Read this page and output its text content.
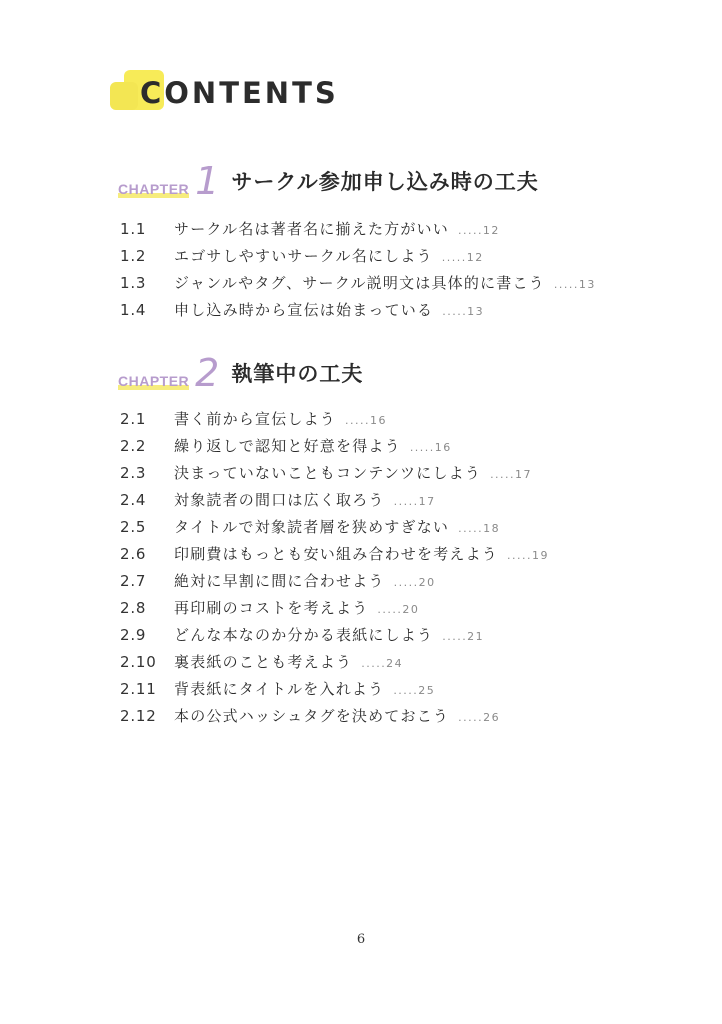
CONTENTS
CHAPTER 1 サークル参加申し込み時の工夫
1.1	サークル名は著者名に揃えた方がいい .....12
1.2	エゴサしやすいサークル名にしよう .....12
1.3	ジャンルやタグ、サークル説明文は具体的に書こう .....13
1.4	申し込み時から宣伝は始まっている .....13
CHAPTER 2 執筆中の工夫
2.1	書く前から宣伝しよう .....16
2.2	繰り返しで認知と好意を得よう .....16
2.3	決まっていないこともコンテンツにしよう .....17
2.4	対象読者の間口は広く取ろう .....17
2.5	タイトルで対象読者層を狭めすぎない .....18
2.6	印刷費はもっとも安い組み合わせを考えよう .....19
2.7	絶対に早割に間に合わせよう .....20
2.8	再印刷のコストを考えよう .....20
2.9	どんな本なのか分かる表紙にしよう .....21
2.10	裏表紙のことも考えよう .....24
2.11	背表紙にタイトルを入れよう .....25
2.12	本の公式ハッシュタグを決めておこう .....26
6
